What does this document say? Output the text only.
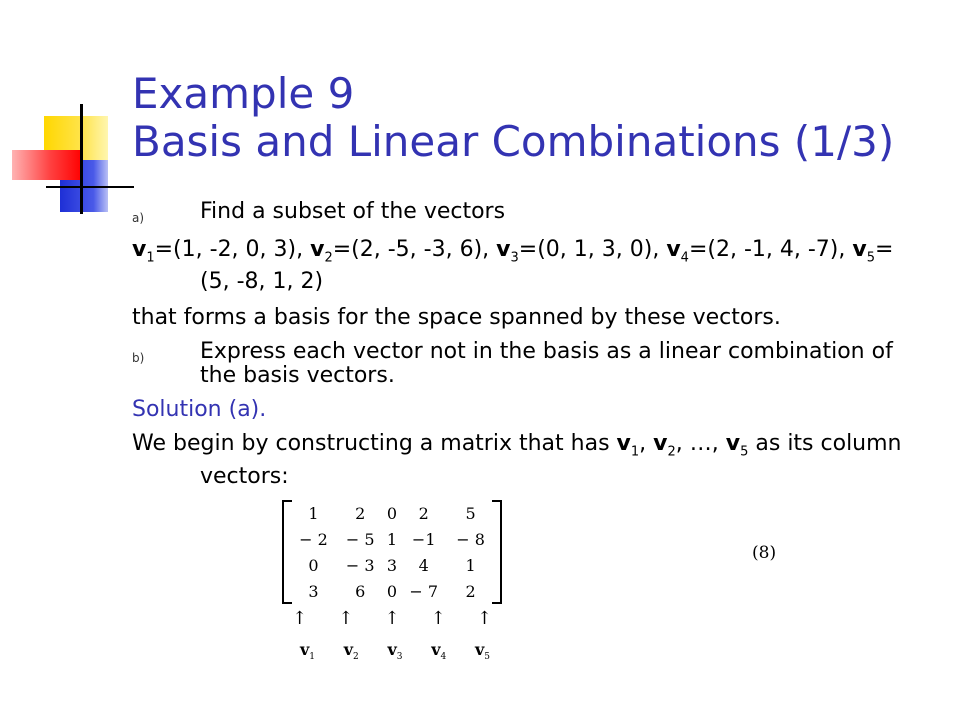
Example 9
Basis and Linear Combinations (1/3)
a)	Find a subset of the vectors

$v_1=(1$, -2, 0, 3), $v_2=(2$, -5, -3, 6), $v_3=(0$, 1, 3, 0), $v_4=(2$, -1, 4, -7), $v_5=(5$, -8, 1, 2)

that forms a basis for the space spanned by these vectors.

b)	Express each vector not in the basis as a linear combination of the basis vectors.

Solution (a).

We begin by constructing a matrix that has $v_1$, $v_2$, …, $v_5$ as its column vectors:

1	2	0	2	5
− 2	− 5	1	−1	− 8
0	− 3	3	4	1
3	6	0	− 7	2
↑ ↑ ↑ ↑ ↑
$v_1$ $v_2$ $v_3$ $v_4$ $v_5$
(8)
